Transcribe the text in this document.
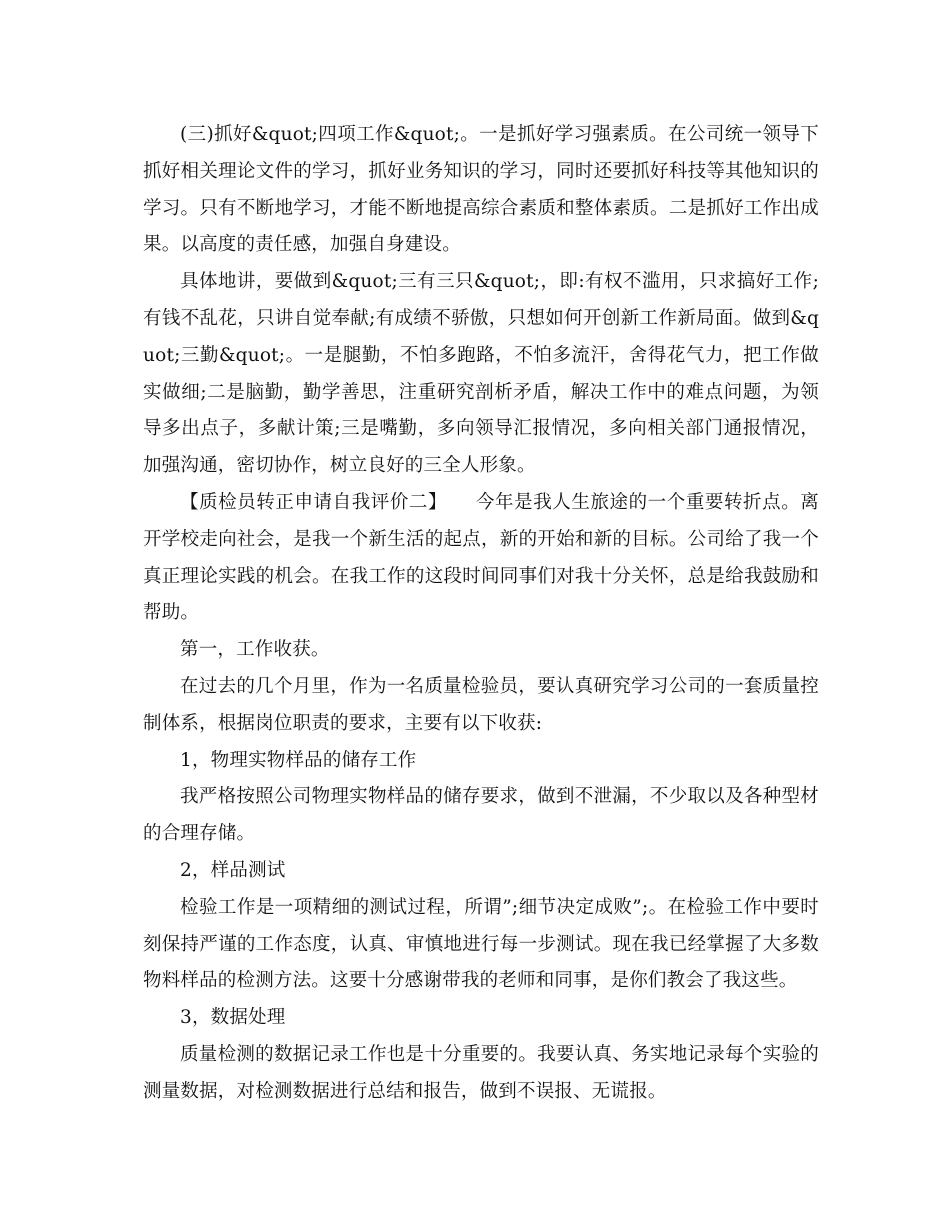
(三)抓好&quot;四项工作&quot;。一是抓好学习强素质。在公司统一领导下抓好相关理论文件的学习，抓好业务知识的学习，同时还要抓好科技等其他知识的学习。只有不断地学习，才能不断地提高综合素质和整体素质。二是抓好工作出成果。以高度的责任感，加强自身建设。

具体地讲，要做到&quot;三有三只&quot;，即:有权不滥用，只求搞好工作;有钱不乱花，只讲自觉奉献;有成绩不骄傲，只想如何开创新工作新局面。做到&quot;三勤&quot;。一是腿勤，不怕多跑路，不怕多流汗，舍得花气力，把工作做实做细;二是脑勤，勤学善思，注重研究剖析矛盾，解决工作中的难点问题，为领导多出点子，多献计策;三是嘴勤，多向领导汇报情况，多向相关部门通报情况，加强沟通，密切协作，树立良好的三全人形象。

【质检员转正申请自我评价二】　　今年是我人生旅途的一个重要转折点。离开学校走向社会，是我一个新生活的起点，新的开始和新的目标。公司给了我一个真正理论实践的机会。在我工作的这段时间同事们对我十分关怀，总是给我鼓励和帮助。

第一，工作收获。

在过去的几个月里，作为一名质量检验员，要认真研究学习公司的一套质量控制体系，根据岗位职责的要求，主要有以下收获:

1，物理实物样品的储存工作

我严格按照公司物理实物样品的储存要求，做到不泄漏，不少取以及各种型材的合理存储。

2，样品测试

检验工作是一项精细的测试过程，所谓”;细节决定成败”;。在检验工作中要时刻保持严谨的工作态度，认真、审慎地进行每一步测试。现在我已经掌握了大多数物料样品的检测方法。这要十分感谢带我的老师和同事，是你们教会了我这些。

3，数据处理

质量检测的数据记录工作也是十分重要的。我要认真、务实地记录每个实验的测量数据，对检测数据进行总结和报告，做到不误报、无谎报。
